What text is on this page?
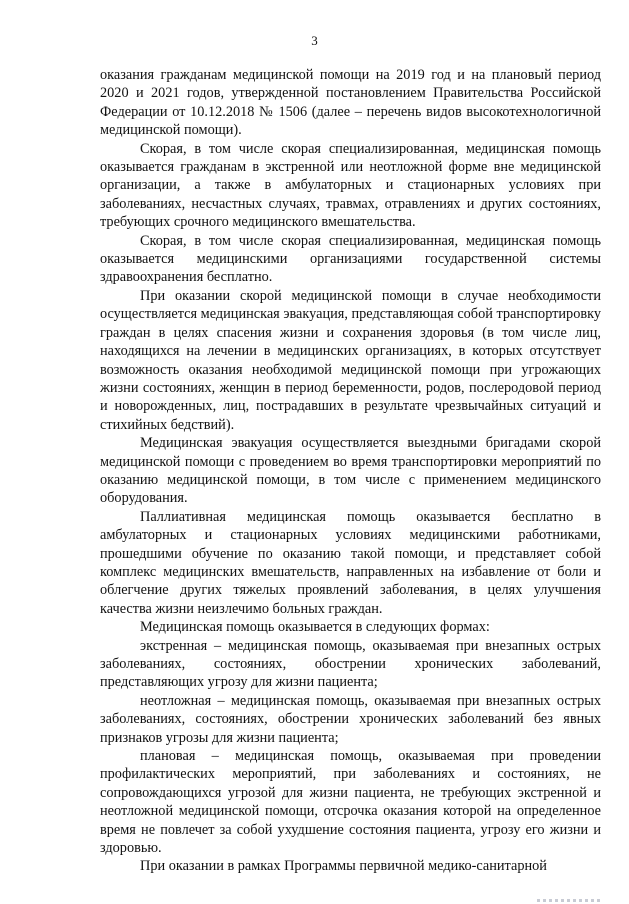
3

оказания гражданам медицинской помощи на 2019 год и на плановый период 2020 и 2021 годов, утвержденной постановлением Правительства Российской Федерации от 10.12.2018 № 1506 (далее – перечень видов высокотехнологичной медицинской помощи).

Скорая, в том числе скорая специализированная, медицинская помощь оказывается гражданам в экстренной или неотложной форме вне медицинской организации, а также в амбулаторных и стационарных условиях при заболеваниях, несчастных случаях, травмах, отравлениях и других состояниях, требующих срочного медицинского вмешательства.

Скорая, в том числе скорая специализированная, медицинская помощь оказывается медицинскими организациями государственной системы здравоохранения бесплатно.

При оказании скорой медицинской помощи в случае необходимости осуществляется медицинская эвакуация, представляющая собой транспортировку граждан в целях спасения жизни и сохранения здоровья (в том числе лиц, находящихся на лечении в медицинских организациях, в которых отсутствует возможность оказания необходимой медицинской помощи при угрожающих жизни состояниях, женщин в период беременности, родов, послеродовой период и новорожденных, лиц, пострадавших в результате чрезвычайных ситуаций и стихийных бедствий).

Медицинская эвакуация осуществляется выездными бригадами скорой медицинской помощи с проведением во время транспортировки мероприятий по оказанию медицинской помощи, в том числе с применением медицинского оборудования.

Паллиативная медицинская помощь оказывается бесплатно в амбулаторных и стационарных условиях медицинскими работниками, прошедшими обучение по оказанию такой помощи, и представляет собой комплекс медицинских вмешательств, направленных на избавление от боли и облегчение других тяжелых проявлений заболевания, в целях улучшения качества жизни неизлечимо больных граждан.

Медицинская помощь оказывается в следующих формах:

экстренная – медицинская помощь, оказываемая при внезапных острых заболеваниях, состояниях, обострении хронических заболеваний, представляющих угрозу для жизни пациента;

неотложная – медицинская помощь, оказываемая при внезапных острых заболеваниях, состояниях, обострении хронических заболеваний без явных признаков угрозы для жизни пациента;

плановая – медицинская помощь, оказываемая при проведении профилактических мероприятий, при заболеваниях и состояниях, не сопровождающихся угрозой для жизни пациента, не требующих экстренной и неотложной медицинской помощи, отсрочка оказания которой на определенное время не повлечет за собой ухудшение состояния пациента, угрозу его жизни и здоровью.

При оказании в рамках Программы первичной медико-санитарной
